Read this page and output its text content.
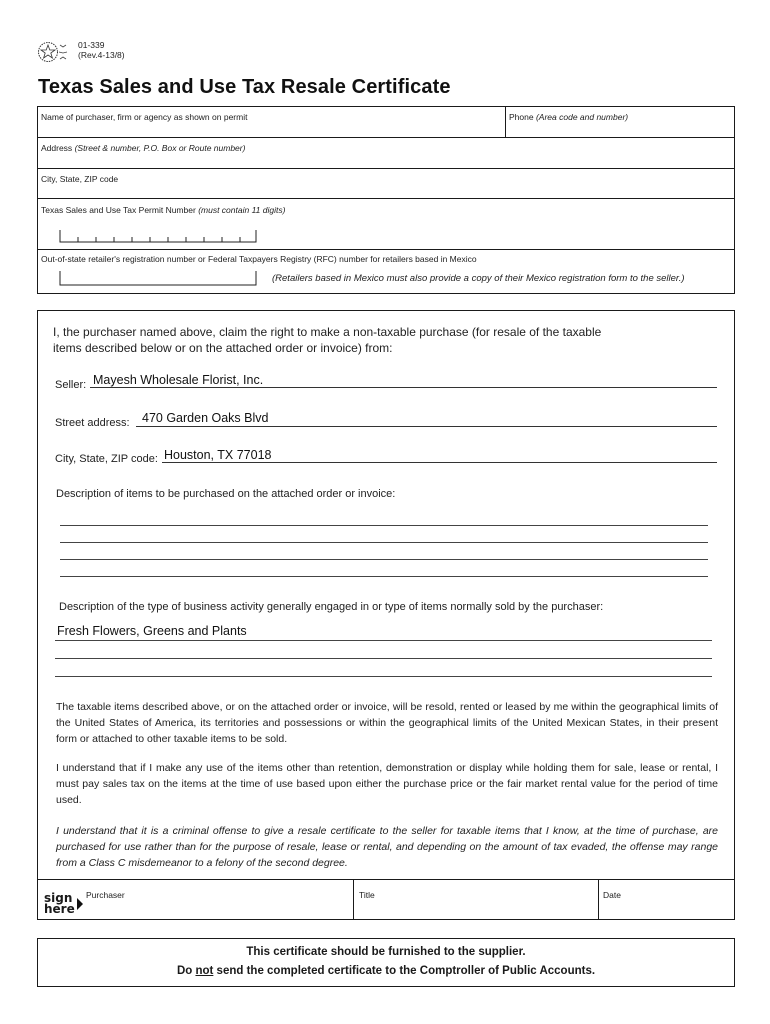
01-339
(Rev.4-13/8)
Texas Sales and Use Tax Resale Certificate
Name of purchaser, firm or agency as shown on permit	Phone (Area code and number)
Address (Street & number, P.O. Box or Route number)
City, State, ZIP code
Texas Sales and Use Tax Permit Number (must contain 11 digits)
Out-of-state retailer's registration number or Federal Taxpayers Registry (RFC) number for retailers based in Mexico
(Retailers based in Mexico must also provide a copy of their Mexico registration form to the seller.)
I, the purchaser named above, claim the right to make a non-taxable purchase (for resale of the taxable
items described below or on the attached order or invoice) from:
Seller: Mayesh Wholesale Florist, Inc.
Street address: 470 Garden Oaks Blvd
City, State, ZIP code: Houston, TX 77018
Description of items to be purchased on the attached order or invoice:
Description of the type of business activity generally engaged in or type of items normally sold by the purchaser:
Fresh Flowers, Greens and Plants
The taxable items described above, or on the attached order or invoice, will be resold, rented or leased by me within the geographical limits of the United States of America, its territories and possessions or within the geographical limits of the United Mexican States, in their present form or attached to other taxable items to be sold.
I understand that if I make any use of the items other than retention, demonstration or display while holding them for sale, lease or rental, I must pay sales tax on the items at the time of use based upon either the purchase price or the fair market rental value for the period of time used.
I understand that it is a criminal offense to give a resale certificate to the seller for taxable items that I know, at the time of purchase, are purchased for use rather than for the purpose of resale, lease or rental, and depending on the amount of tax evaded, the offense may range from a Class C misdemeanor to a felony of the second degree.
sign
here
Purchaser	Title	Date
This certificate should be furnished to the supplier.
Do not send the completed certificate to the Comptroller of Public Accounts.
